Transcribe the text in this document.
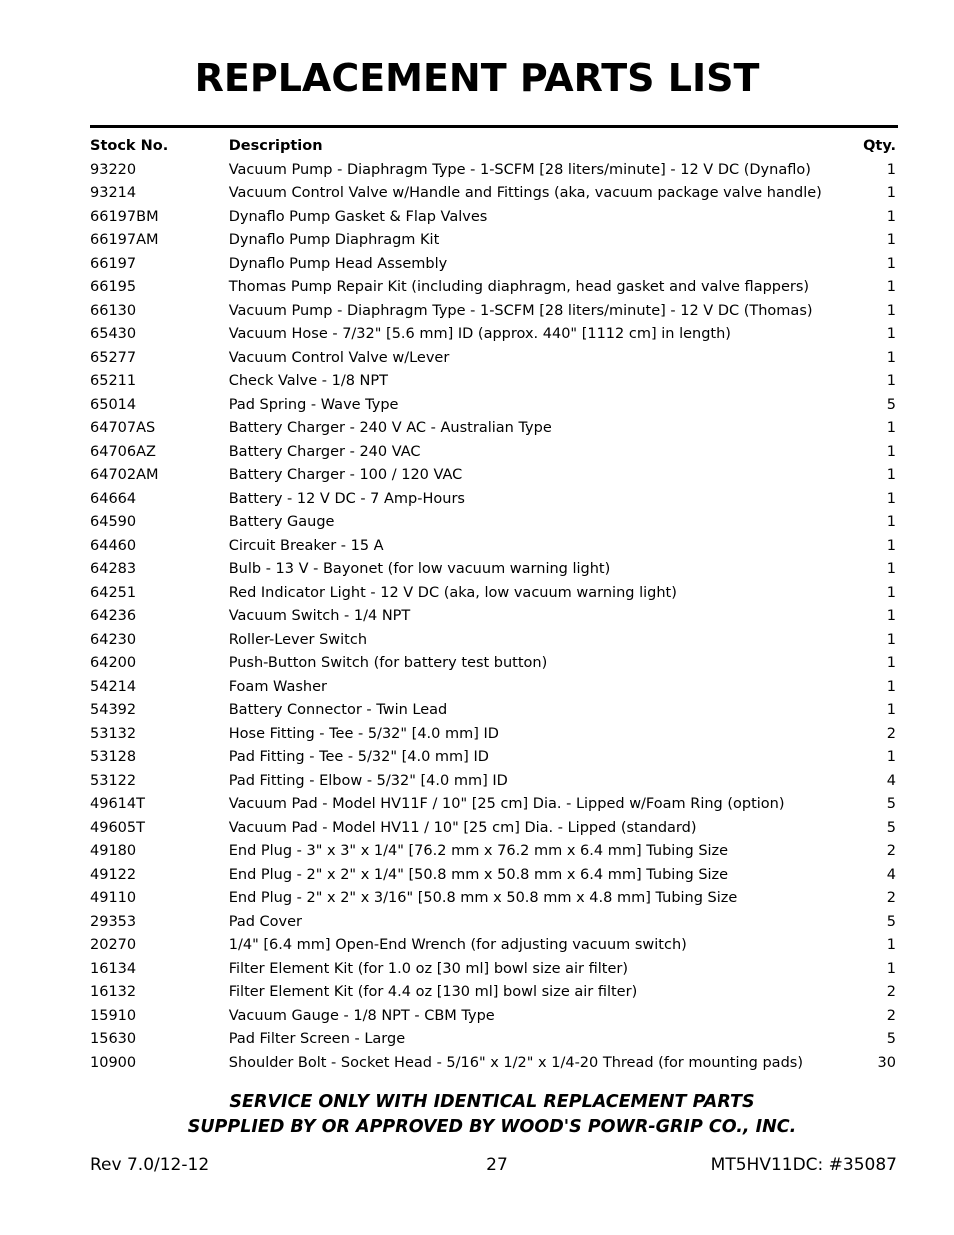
REPLACEMENT PARTS LIST
Stock No.	Description	Qty.
93220	Vacuum Pump - Diaphragm Type - 1-SCFM [28 liters/minute] - 12 V DC (Dynaflo)	1
93214	Vacuum Control Valve w/Handle and Fittings (aka, vacuum package valve handle)	1
66197BM	Dynaflo Pump Gasket & Flap Valves	1
66197AM	Dynaflo Pump Diaphragm Kit	1
66197	Dynaflo Pump Head Assembly	1
66195	Thomas Pump Repair Kit (including diaphragm, head gasket and valve flappers)	1
66130	Vacuum Pump - Diaphragm Type - 1-SCFM [28 liters/minute] - 12 V DC (Thomas)	1
65430	Vacuum Hose - 7/32" [5.6 mm] ID (approx. 440" [1112 cm] in length)	1
65277	Vacuum Control Valve w/Lever	1
65211	Check Valve - 1/8 NPT	1
65014	Pad Spring - Wave Type	5
64707AS	Battery Charger - 240 V AC - Australian Type	1
64706AZ	Battery Charger - 240 VAC	1
64702AM	Battery Charger - 100 / 120 VAC	1
64664	Battery - 12 V DC - 7 Amp-Hours	1
64590	Battery Gauge	1
64460	Circuit Breaker - 15 A	1
64283	Bulb - 13 V - Bayonet (for low vacuum warning light)	1
64251	Red Indicator Light - 12 V DC (aka, low vacuum warning light)	1
64236	Vacuum Switch - 1/4 NPT	1
64230	Roller-Lever Switch	1
64200	Push-Button Switch (for battery test button)	1
54214	Foam Washer	1
54392	Battery Connector - Twin Lead	1
53132	Hose Fitting - Tee - 5/32" [4.0 mm] ID	2
53128	Pad Fitting - Tee - 5/32" [4.0 mm] ID	1
53122	Pad Fitting - Elbow - 5/32" [4.0 mm] ID	4
49614T	Vacuum Pad - Model HV11F / 10" [25 cm] Dia. - Lipped w/Foam Ring (option)	5
49605T	Vacuum Pad - Model HV11 / 10" [25 cm] Dia. - Lipped (standard)	5
49180	End Plug - 3" x 3" x 1/4" [76.2 mm x 76.2 mm x 6.4 mm] Tubing Size	2
49122	End Plug - 2" x 2" x 1/4" [50.8 mm x 50.8 mm x 6.4 mm] Tubing Size	4
49110	End Plug - 2" x 2" x 3/16" [50.8 mm x 50.8 mm x 4.8 mm] Tubing Size	2
29353	Pad Cover	5
20270	1/4" [6.4 mm] Open-End Wrench (for adjusting vacuum switch)	1
16134	Filter Element Kit (for 1.0 oz [30 ml] bowl size air filter)	1
16132	Filter Element Kit (for 4.4 oz [130 ml] bowl size air filter)	2
15910	Vacuum Gauge - 1/8 NPT - CBM Type	2
15630	Pad Filter Screen - Large	5
10900	Shoulder Bolt - Socket Head - 5/16" x 1/2" x 1/4-20 Thread (for mounting pads)	30
SERVICE ONLY WITH IDENTICAL REPLACEMENT PARTS
SUPPLIED BY OR APPROVED BY WOOD'S POWR-GRIP CO., INC.
Rev 7.0/12-12	27	MT5HV11DC: #35087
